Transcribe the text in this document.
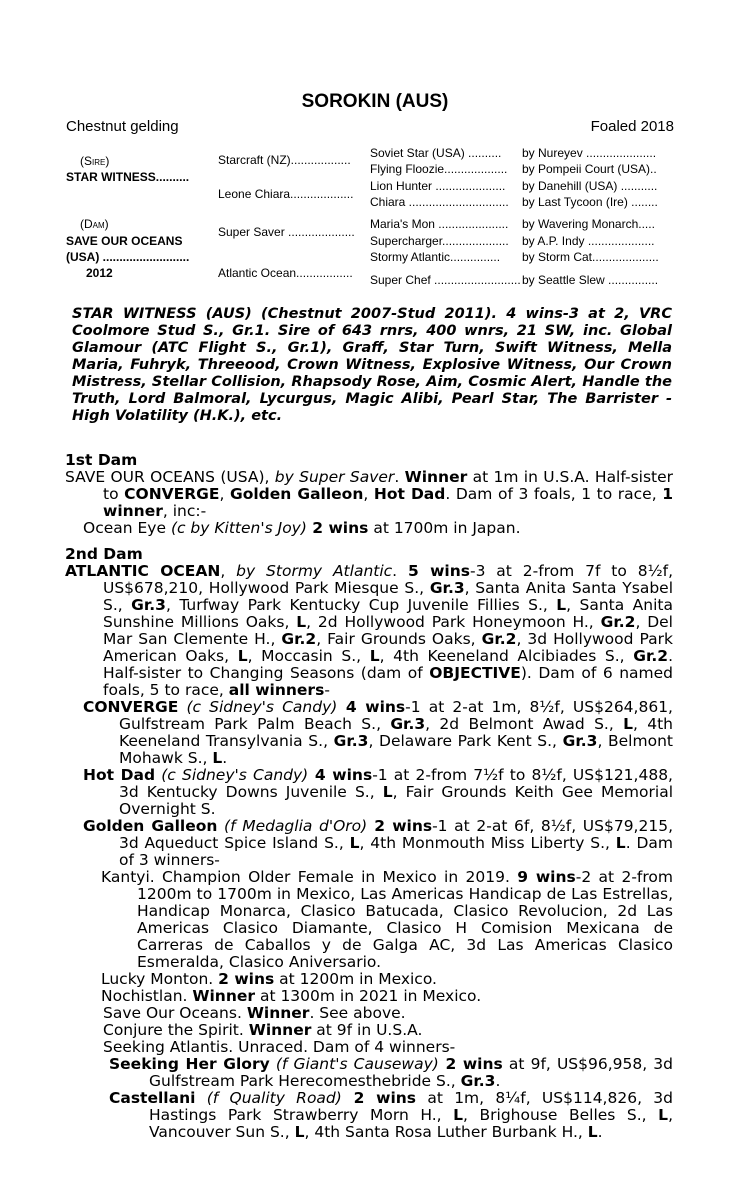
SOROKIN (AUS)
Chestnut gelding	Foaled 2018
(Sire)
STAR WITNESS..........
(Dam)
SAVE OUR OCEANS
(USA) ..........................
2012
Starcraft (NZ)..................
Leone Chiara...................
Super Saver ....................
Atlantic Ocean.................
Soviet Star (USA) ..........
Flying Floozie...................
Lion Hunter .....................
Chiara ..............................
Maria's Mon .....................
Supercharger....................
Stormy Atlantic...............
Super Chef ..........................
by Nureyev .....................
by Pompeii Court (USA)..
by Danehill (USA) ...........
by Last Tycoon (Ire) ........
by Wavering Monarch.....
by A.P. Indy ....................
by Storm Cat....................
by Seattle Slew ...............
STAR WITNESS (AUS) (Chestnut 2007-Stud 2011). 4 wins-3 at 2, VRC Coolmore Stud S., Gr.1. Sire of 643 rnrs, 400 wnrs, 21 SW, inc. Global Glamour (ATC Flight S., Gr.1), Graff, Star Turn, Swift Witness, Mella Maria, Fuhryk, Threeood, Crown Witness, Explosive Witness, Our Crown Mistress, Stellar Collision, Rhapsody Rose, Aim, Cosmic Alert, Handle the Truth, Lord Balmoral, Lycurgus, Magic Alibi, Pearl Star, The Barrister - High Volatility (H.K.), etc.
1st Dam
SAVE OUR OCEANS (USA), by Super Saver. Winner at 1m in U.S.A. Half-sister to CONVERGE, Golden Galleon, Hot Dad. Dam of 3 foals, 1 to race, 1 winner, inc:-
Ocean Eye (c by Kitten's Joy) 2 wins at 1700m in Japan.
2nd Dam
ATLANTIC OCEAN, by Stormy Atlantic. 5 wins-3 at 2-from 7f to 8½f, US$678,210, Hollywood Park Miesque S., Gr.3, Santa Anita Santa Ysabel S., Gr.3, Turfway Park Kentucky Cup Juvenile Fillies S., L, Santa Anita Sunshine Millions Oaks, L, 2d Hollywood Park Honeymoon H., Gr.2, Del Mar San Clemente H., Gr.2, Fair Grounds Oaks, Gr.2, 3d Hollywood Park American Oaks, L, Moccasin S., L, 4th Keeneland Alcibiades S., Gr.2. Half-sister to Changing Seasons (dam of OBJECTIVE). Dam of 6 named foals, 5 to race, all winners-
CONVERGE (c Sidney's Candy) 4 wins-1 at 2-at 1m, 8½f, US$264,861, Gulfstream Park Palm Beach S., Gr.3, 2d Belmont Awad S., L, 4th Keeneland Transylvania S., Gr.3, Delaware Park Kent S., Gr.3, Belmont Mohawk S., L.
Hot Dad (c Sidney's Candy) 4 wins-1 at 2-from 7½f to 8½f, US$121,488, 3d Kentucky Downs Juvenile S., L, Fair Grounds Keith Gee Memorial Overnight S.
Golden Galleon (f Medaglia d'Oro) 2 wins-1 at 2-at 6f, 8½f, US$79,215, 3d Aqueduct Spice Island S., L, 4th Monmouth Miss Liberty S., L. Dam of 3 winners-
Kantyi. Champion Older Female in Mexico in 2019. 9 wins-2 at 2-from 1200m to 1700m in Mexico, Las Americas Handicap de Las Estrellas, Handicap Monarca, Clasico Batucada, Clasico Revolucion, 2d Las Americas Clasico Diamante, Clasico H Comision Mexicana de Carreras de Caballos y de Galga AC, 3d Las Americas Clasico Esmeralda, Clasico Aniversario.
Lucky Monton. 2 wins at 1200m in Mexico.
Nochistlan. Winner at 1300m in 2021 in Mexico.
Save Our Oceans. Winner. See above.
Conjure the Spirit. Winner at 9f in U.S.A.
Seeking Atlantis. Unraced. Dam of 4 winners-
Seeking Her Glory (f Giant's Causeway) 2 wins at 9f, US$96,958, 3d Gulfstream Park Herecomesthebride S., Gr.3.
Castellani (f Quality Road) 2 wins at 1m, 8¼f, US$114,826, 3d Hastings Park Strawberry Morn H., L, Brighouse Belles S., L, Vancouver Sun S., L, 4th Santa Rosa Luther Burbank H., L.
